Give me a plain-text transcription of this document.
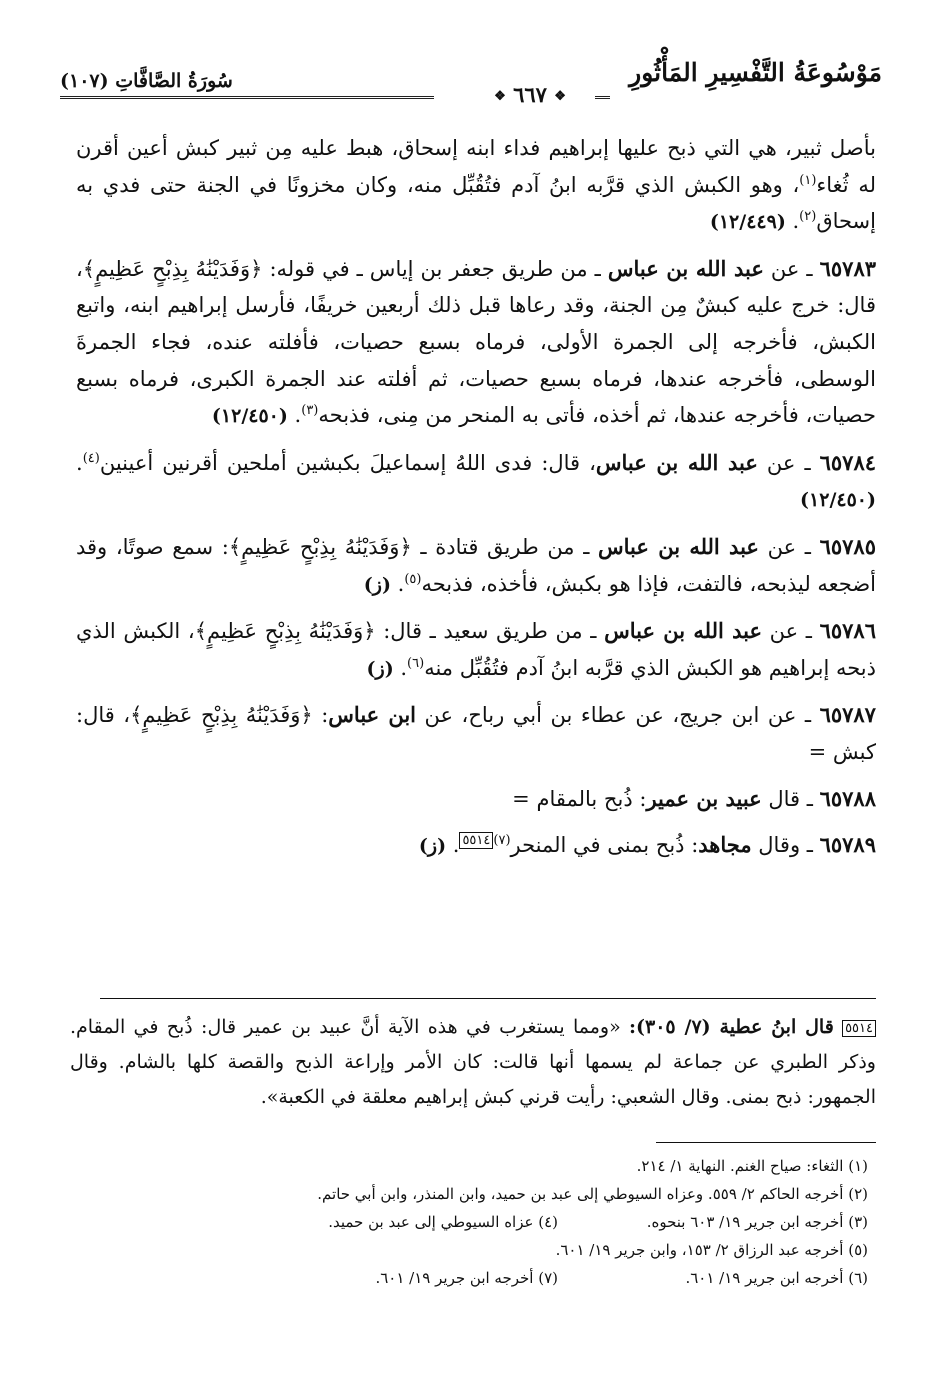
مَوْسُوعَةُ التَّفْسِيرِ المَأْثُورِ
سُورَةُ الصَّافَّاتِ (١٠٧)
❖ ٦٦٧ ❖

بأصل ثبير، هي التي ذبح عليها إبراهيم فداء ابنه إسحاق، هبط عليه مِن ثبير كبش أعين أقرن له ثُغاء$^{(١)}$، وهو الكبش الذي قرَّبه ابنُ آدم فتُقُبِّل منه، وكان مخزونًا في الجنة حتى فدي به إسحاق$^{(٢)}$. (١٢/٤٤٩)

٦٥٧٨٣ ـ عن عبد الله بن عباس ـ من طريق جعفر بن إياس ـ في قوله: ﴿وَفَدَيْنَٰهُ بِذِبْحٍ عَظِيمٍ﴾، قال: خرج عليه كبشٌ مِن الجنة، وقد رعاها قبل ذلك أربعين خريفًا، فأرسل إبراهيم ابنه، واتبع الكبش، فأخرجه إلى الجمرة الأولى، فرماه بسبع حصيات، فأفلته عنده، فجاء الجمرةَ الوسطى، فأخرجه عندها، فرماه بسبع حصيات، ثم أفلته عند الجمرة الكبرى، فرماه بسبع حصيات، فأخرجه عندها، ثم أخذه، فأتى به المنحر من مِنى، فذبحه$^{(٣)}$. (١٢/٤٥٠)

٦٥٧٨٤ ـ عن عبد الله بن عباس، قال: فدى اللهُ إسماعيلَ بكبشين أملحين أقرنين أعينين$^{(٤)}$. (١٢/٤٥٠)

٦٥٧٨٥ ـ عن عبد الله بن عباس ـ من طريق قتادة ـ ﴿وَفَدَيْنَٰهُ بِذِبْحٍ عَظِيمٍ﴾: سمع صوتًا، وقد أضجعه ليذبحه، فالتفت، فإذا هو بكبش، فأخذه، فذبحه$^{(٥)}$. (ز)

٦٥٧٨٦ ـ عن عبد الله بن عباس ـ من طريق سعيد ـ قال: ﴿وَفَدَيْنَٰهُ بِذِبْحٍ عَظِيمٍ﴾، الكبش الذي ذبحه إبراهيم هو الكبش الذي قرَّبه ابنُ آدم فتُقُبِّل منه$^{(٦)}$. (ز)

٦٥٧٨٧ ـ عن ابن جريج، عن عطاء بن أبي رباح، عن ابن عباس: ﴿وَفَدَيْنَٰهُ بِذِبْحٍ عَظِيمٍ﴾، قال: كبش =

٦٥٧٨٨ ـ قال عبيد بن عمير: ذُبح بالمقام =

٦٥٧٨٩ ـ وقال مجاهد: ذُبح بمنى في المنحر$^{(٧)}$٥٥١٤. (ز)

٥٥١٤ قال ابنُ عطية (٧/ ٣٠٥): «ومما يستغرب في هذه الآية أنَّ عبيد بن عمير قال: ذُبح في المقام. وذكر الطبري عن جماعة لم يسمها أنها قالت: كان الأمر وإراعة الذبح والقصة كلها بالشام. وقال الجمهور: ذبح بمنى. وقال الشعبي: رأيت قرني كبش إبراهيم معلقة في الكعبة».
(١) الثغاء: صياح الغنم. النهاية ١/ ٢١٤.
(٢) أخرجه الحاكم ٢/ ٥٥٩. وعزاه السيوطي إلى عبد بن حميد، وابن المنذر، وابن أبي حاتم.
(٣) أخرجه ابن جرير ١٩/ ٦٠٣ بنحوه.
(٤) عزاه السيوطي إلى عبد بن حميد.
(٥) أخرجه عبد الرزاق ٢/ ١٥٣، وابن جرير ١٩/ ٦٠١.
(٦) أخرجه ابن جرير ١٩/ ٦٠١.
(٧) أخرجه ابن جرير ١٩/ ٦٠١.
